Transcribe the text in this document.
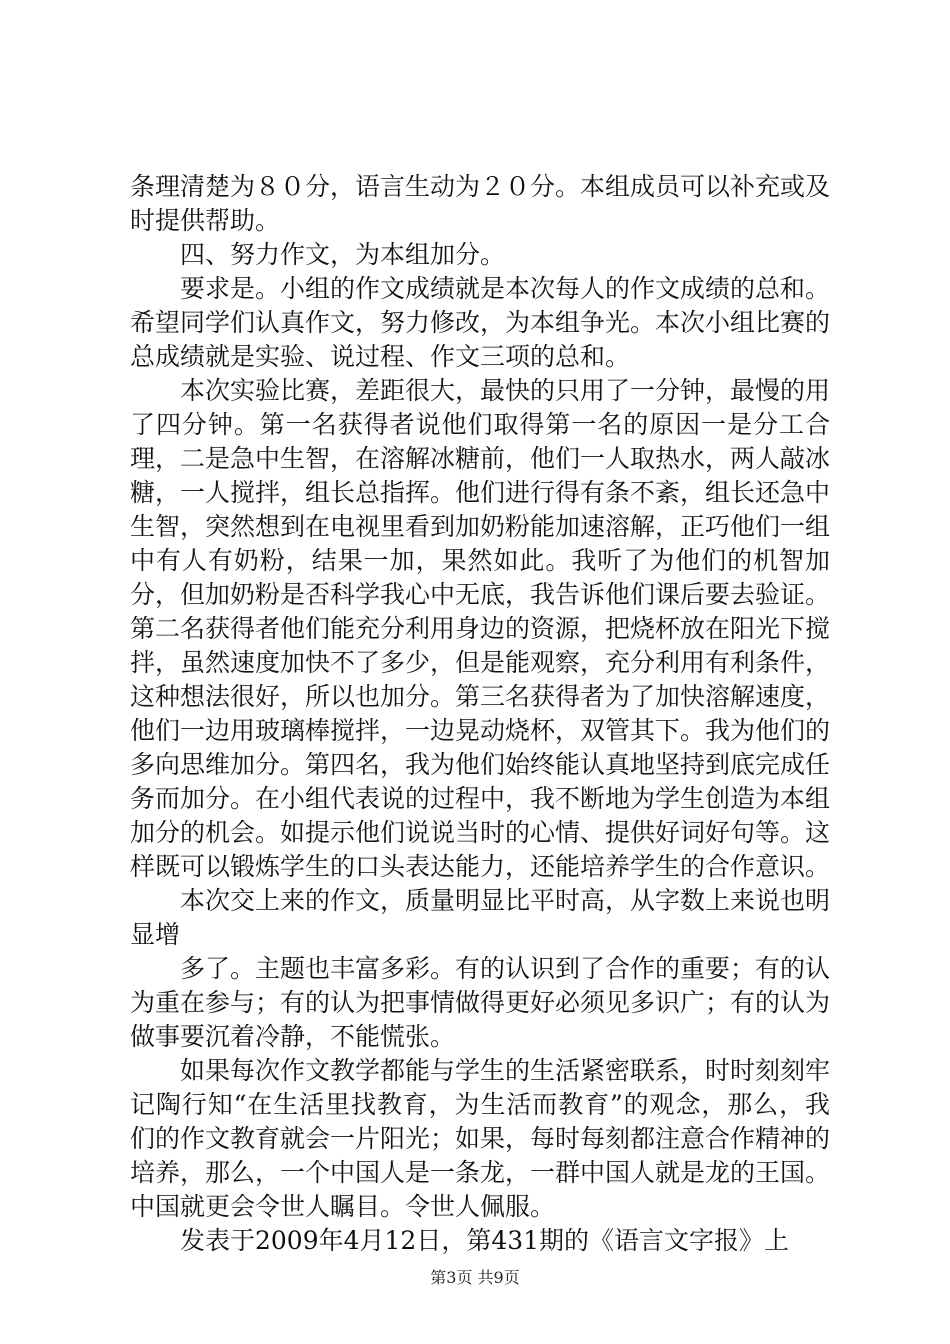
条理清楚为８０分，语言生动为２０分。本组成员可以补充或及时提供帮助。

四、努力作文，为本组加分。

要求是。小组的作文成绩就是本次每人的作文成绩的总和。希望同学们认真作文，努力修改，为本组争光。本次小组比赛的总成绩就是实验、说过程、作文三项的总和。

本次实验比赛，差距很大，最快的只用了一分钟，最慢的用了四分钟。第一名获得者说他们取得第一名的原因一是分工合理，二是急中生智，在溶解冰糖前，他们一人取热水，两人敲冰糖，一人搅拌，组长总指挥。他们进行得有条不紊，组长还急中生智，突然想到在电视里看到加奶粉能加速溶解，正巧他们一组中有人有奶粉，结果一加，果然如此。我听了为他们的机智加分，但加奶粉是否科学我心中无底，我告诉他们课后要去验证。第二名获得者他们能充分利用身边的资源，把烧杯放在阳光下搅拌，虽然速度加快不了多少，但是能观察，充分利用有利条件，这种想法很好，所以也加分。第三名获得者为了加快溶解速度，他们一边用玻璃棒搅拌，一边晃动烧杯，双管其下。我为他们的多向思维加分。第四名，我为他们始终能认真地坚持到底完成任务而加分。在小组代表说的过程中，我不断地为学生创造为本组加分的机会。如提示他们说说当时的心情、提供好词好句等。这样既可以锻炼学生的口头表达能力，还能培养学生的合作意识。

本次交上来的作文，质量明显比平时高，从字数上来说也明显增

多了。主题也丰富多彩。有的认识到了合作的重要；有的认为重在参与；有的认为把事情做得更好必须见多识广；有的认为做事要沉着冷静，不能慌张。

如果每次作文教学都能与学生的生活紧密联系，时时刻刻牢记陶行知“在生活里找教育，为生活而教育”的观念，那么，我们的作文教育就会一片阳光；如果，每时每刻都注意合作精神的培养，那么，一个中国人是一条龙，一群中国人就是龙的王国。中国就更会令世人瞩目。令世人佩服。

发表于2009年4月12日，第431期的《语言文字报》上

第3页 共9页
